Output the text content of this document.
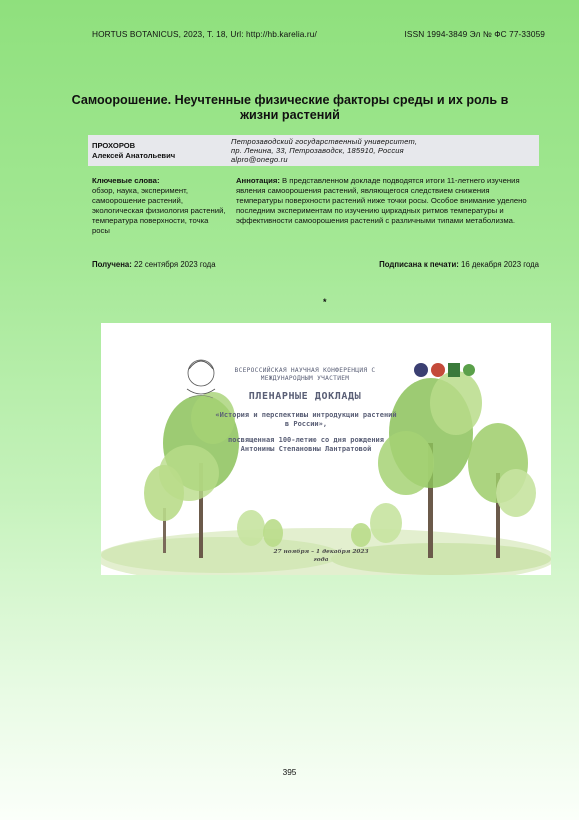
HORTUS BOTANICUS, 2023, Т. 18, Url: http://hb.karelia.ru/	ISSN 1994-3849 Эл № ФС 77-33059
Самоорошение. Неучтенные физические факторы среды и их роль в жизни растений
ПРОХОРОВ
Алексей Анатольевич
Петрозаводский государственный университет,
пр. Ленина, 33, Петрозаводск, 185910, Россия
alpro@onego.ru
Ключевые слова:
обзор, наука, эксперимент, самоорошение растений, экологическая физиология растений, температура поверхности, точка росы
Аннотация: В представленном докладе подводятся итоги 11-летнего изучения явления самоорошения растений, являющегося следствием снижения температуры поверхности растений ниже точки росы. Особое внимание уделено последним экспериментам по изучению циркадных ритмов температуры и эффективности самоорошения растений с различными типами метаболизма.
Получена: 22 сентября 2023 года	Подписана к печати: 16 декабря 2023 года
*
ВСЕРОССИЙСКАЯ НАУЧНАЯ КОНФЕРЕНЦИЯ С МЕЖДУНАРОДНЫМ УЧАСТИЕМ
ПЛЕНАРНЫЕ ДОКЛАДЫ
«История и перспективы интродукции растений в России»,
посвященная 100-летию со дня рождения Антонины Степановны Лантратовой
27 ноября – 1 декабря 2023 года
395
